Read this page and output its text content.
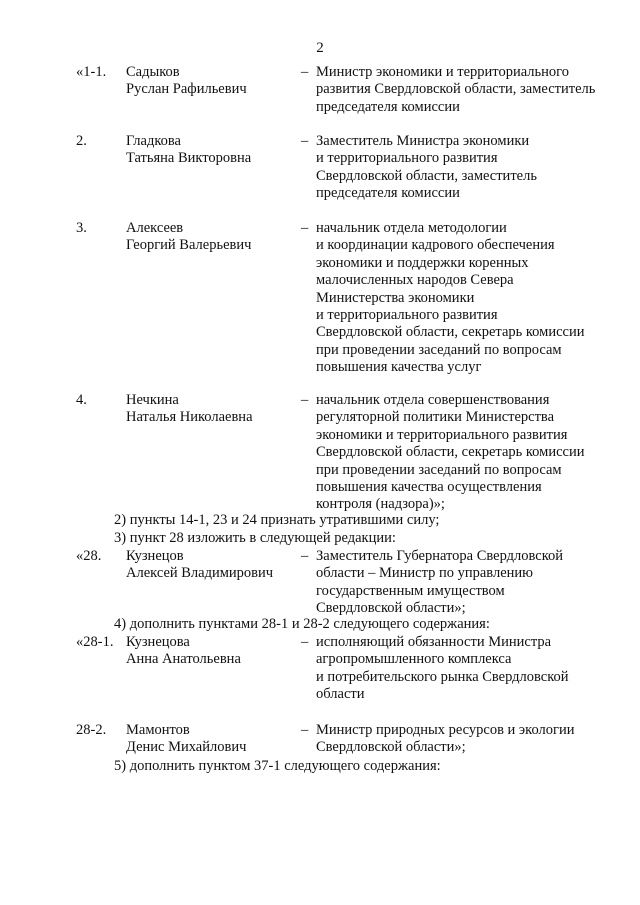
2
«1-1. Садыков
Руслан Рафильевич
– Министр экономики и территориального
развития Свердловской области, заместитель
председателя комиссии
2.	Гладкова
Татьяна Викторовна
– Заместитель Министра экономики
и территориального развития
Свердловской области, заместитель
председателя комиссии
3.	Алексеев
Георгий Валерьевич
– начальник отдела методологии
и координации кадрового обеспечения
экономики и поддержки коренных
малочисленных народов Севера
Министерства экономики
и территориального развития
Свердловской области, секретарь комиссии
при проведении заседаний по вопросам
повышения качества услуг
4.	Нечкина
Наталья Николаевна
– начальник отдела совершенствования
регуляторной политики Министерства
экономики и территориального развития
Свердловской области, секретарь комиссии
при проведении заседаний по вопросам
повышения качества осуществления
контроля (надзора)»;
«28. Кузнецов
Алексей Владимирович
– Заместитель Губернатора Свердловской
области – Министр по управлению
государственным имуществом
Свердловской области»;
«28-1. Кузнецова
Анна Анатольевна
– исполняющий обязанности Министра
агропромышленного комплекса
и потребительского рынка Свердловской
области
28-2. Мамонтов
Денис Михайлович
– Министр природных ресурсов и экологии
Свердловской области»;
2) пункты 14-1, 23 и 24 признать утратившими силу;
3) пункт 28 изложить в следующей редакции:
4) дополнить пунктами 28-1 и 28-2 следующего содержания:
5) дополнить пунктом 37-1 следующего содержания:
